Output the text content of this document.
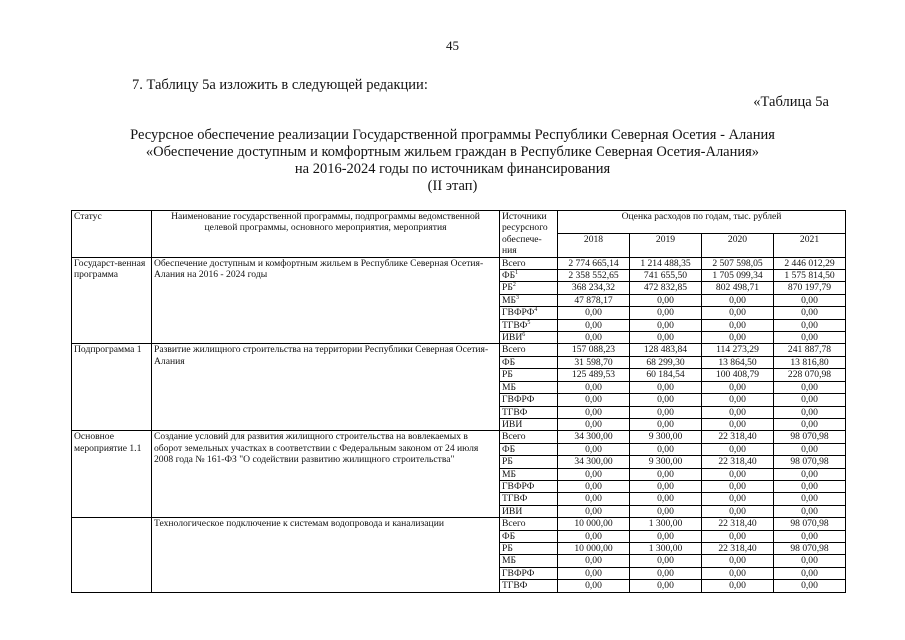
45
7. Таблицу 5а изложить в следующей редакции:
«Таблица 5а
Ресурсное обеспечение реализации Государственной программы Республики Северная Осетия - Алания
«Обеспечение доступным и комфортным жильем граждан в Республике Северная Осетия-Алания»
на 2016-2024 годы по источникам финансирования
(II этап)
Статус	Наименование государственной программы, подпрограммы ведомственной целевой программы, основного мероприятия, мероприятия	Источники ресурсного обеспече-ния	Оценка расходов по годам, тыс. рублей			
			2018	2019	2020	2021
Государст-венная программа	Обеспечение доступным и комфортным жильем в Республике Северная Осетия-Алания на 2016 - 2024 годы	Всего	2 774 665,14	1 214 488,35	2 507 598,05	2 446 012,29
		$ФБ^1$	2 358 552,65	741 655,50	1 705 099,34	1 575 814,50
		$РБ^2$	368 234,32	472 832,85	802 498,71	870 197,79
		$МБ^3$	47 878,17	0,00	0,00	0,00
		ГВФРФ$^4$	0,00	0,00	0,00	0,00
		ТГВФ$^5$	0,00	0,00	0,00	0,00
		ИВИ$^6$	0,00	0,00	0,00	0,00
Подпрограмма 1	Развитие жилищного строительства на территории Республики Северная Осетия-Алания	Всего	157 088,23	128 483,84	114 273,29	241 887,78
		ФБ	31 598,70	68 299,30	13 864,50	13 816,80
		РБ	125 489,53	60 184,54	100 408,79	228 070,98
		МБ	0,00	0,00	0,00	0,00
		ГВФРФ	0,00	0,00	0,00	0,00
		ТГВФ	0,00	0,00	0,00	0,00
		ИВИ	0,00	0,00	0,00	0,00
Основное мероприятие 1.1	Создание условий для развития жилищного строительства на вовлекаемых в оборот земельных участках в соответствии с Федеральным законом от 24 июля 2008 года № 161-ФЗ "О содействии развитию жилищного строительства"	Всего	34 300,00	9 300,00	22 318,40	98 070,98
		ФБ	0,00	0,00	0,00	0,00
		РБ	34 300,00	9 300,00	22 318,40	98 070,98
		МБ	0,00	0,00	0,00	0,00
		ГВФРФ	0,00	0,00	0,00	0,00
		ТГВФ	0,00	0,00	0,00	0,00
		ИВИ	0,00	0,00	0,00	0,00
	Технологическое подключение к системам водопровода и канализации	Всего	10 000,00	1 300,00	22 318,40	98 070,98
		ФБ	0,00	0,00	0,00	0,00
		РБ	10 000,00	1 300,00	22 318,40	98 070,98
		МБ	0,00	0,00	0,00	0,00
		ГВФРФ	0,00	0,00	0,00	0,00
		ТГВФ	0,00	0,00	0,00	0,00
